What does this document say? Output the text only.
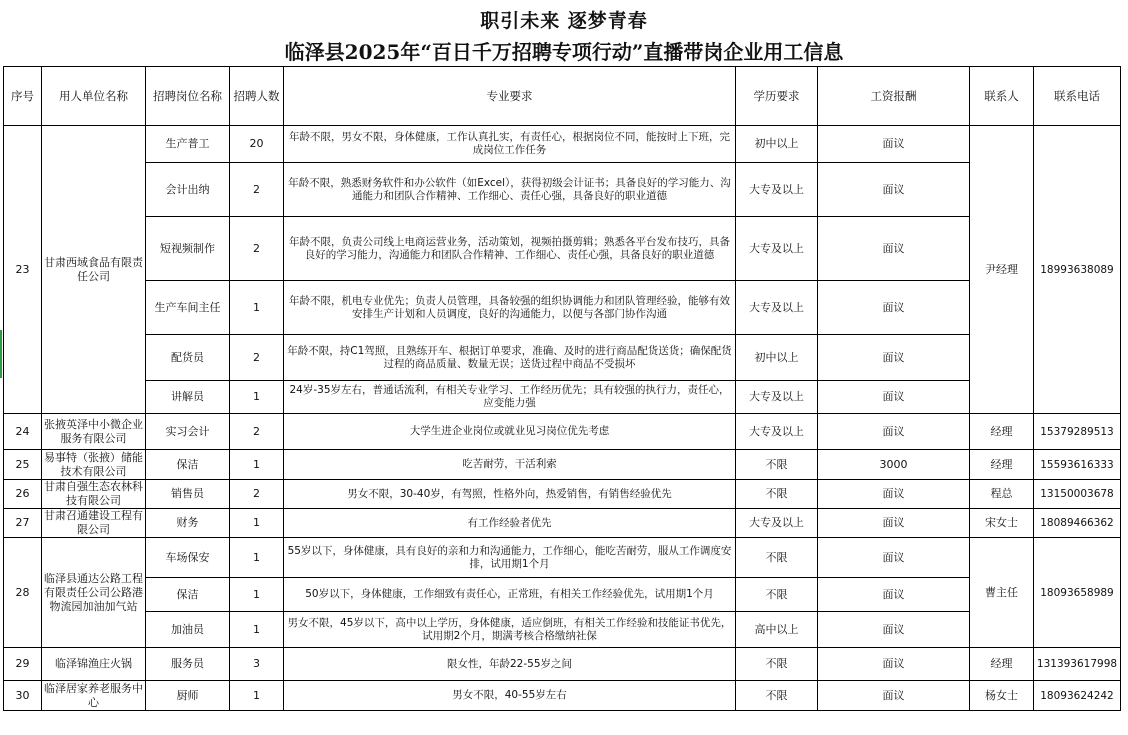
职引未来 逐梦青春
临泽县2025年“百日千万招聘专项行动”直播带岗企业用工信息
序号	用人单位名称	招聘岗位名称	招聘人数	专业要求	学历要求	工资报酬	联系人	联系电话
23	甘肃西域食品有限责任公司	生产普工	20	年龄不限，男女不限，身体健康，工作认真扎实，有责任心，根据岗位不同，能按时上下班，完成岗位工作任务	初中以上	面议	尹经理	18993638089
		会计出纳	2	年龄不限，熟悉财务软件和办公软件（如Excel），获得初级会计证书；具备良好的学习能力、沟通能力和团队合作精神、工作细心、责任心强，具备良好的职业道德	大专及以上	面议		
		短视频制作	2	年龄不限，负责公司线上电商运营业务，活动策划，视频拍摄剪辑；熟悉各平台发布技巧，具备良好的学习能力，沟通能力和团队合作精神、工作细心、责任心强，具备良好的职业道德	大专及以上	面议		
		生产车间主任	1	年龄不限，机电专业优先；负责人员管理，具备较强的组织协调能力和团队管理经验，能够有效安排生产计划和人员调度，良好的沟通能力，以便与各部门协作沟通	大专及以上	面议		
		配货员	2	年龄不限，持C1驾照，且熟练开车、根据订单要求，准确、及时的进行商品配货送货；确保配货过程的商品质量、数量无误；送货过程中商品不受损坏	初中以上	面议		
		讲解员	1	24岁-35岁左右，普通话流利，有相关专业学习、工作经历优先；具有较强的执行力，责任心，应变能力强	大专及以上	面议		
24	张掖英泽中小微企业服务有限公司	实习会计	2	大学生进企业岗位或就业见习岗位优先考虑	大专及以上	面议	经理	15379289513
25	易事特（张掖）储能技术有限公司	保洁	1	吃苦耐劳，干活利索	不限	3000	经理	15593616333
26	甘肃自强生态农林科技有限公司	销售员	2	男女不限，30-40岁，有驾照，性格外向，热爱销售，有销售经验优先	不限	面议	程总	13150003678
27	甘肃召通建设工程有限公司	财务	1	有工作经验者优先	大专及以上	面议	宋女士	18089466362
28	临泽县通达公路工程有限责任公司公路港物流园加油加气站	车场保安	1	55岁以下，身体健康，具有良好的亲和力和沟通能力，工作细心，能吃苦耐劳，服从工作调度安排，试用期1个月	不限	面议	曹主任	18093658989
		保洁	1	50岁以下，身体健康，工作细致有责任心，正常班，有相关工作经验优先，试用期1个月	不限	面议		
		加油员	1	男女不限，45岁以下，高中以上学历，身体健康，适应倒班，有相关工作经验和技能证书优先，试用期2个月，期满考核合格缴纳社保	高中以上	面议		
29	临泽锦渔庄火锅	服务员	3	限女性，年龄22-55岁之间	不限	面议	经理	131393617998
30	临泽居家养老服务中心	厨师	1	男女不限，40-55岁左右	不限	面议	杨女士	18093624242
